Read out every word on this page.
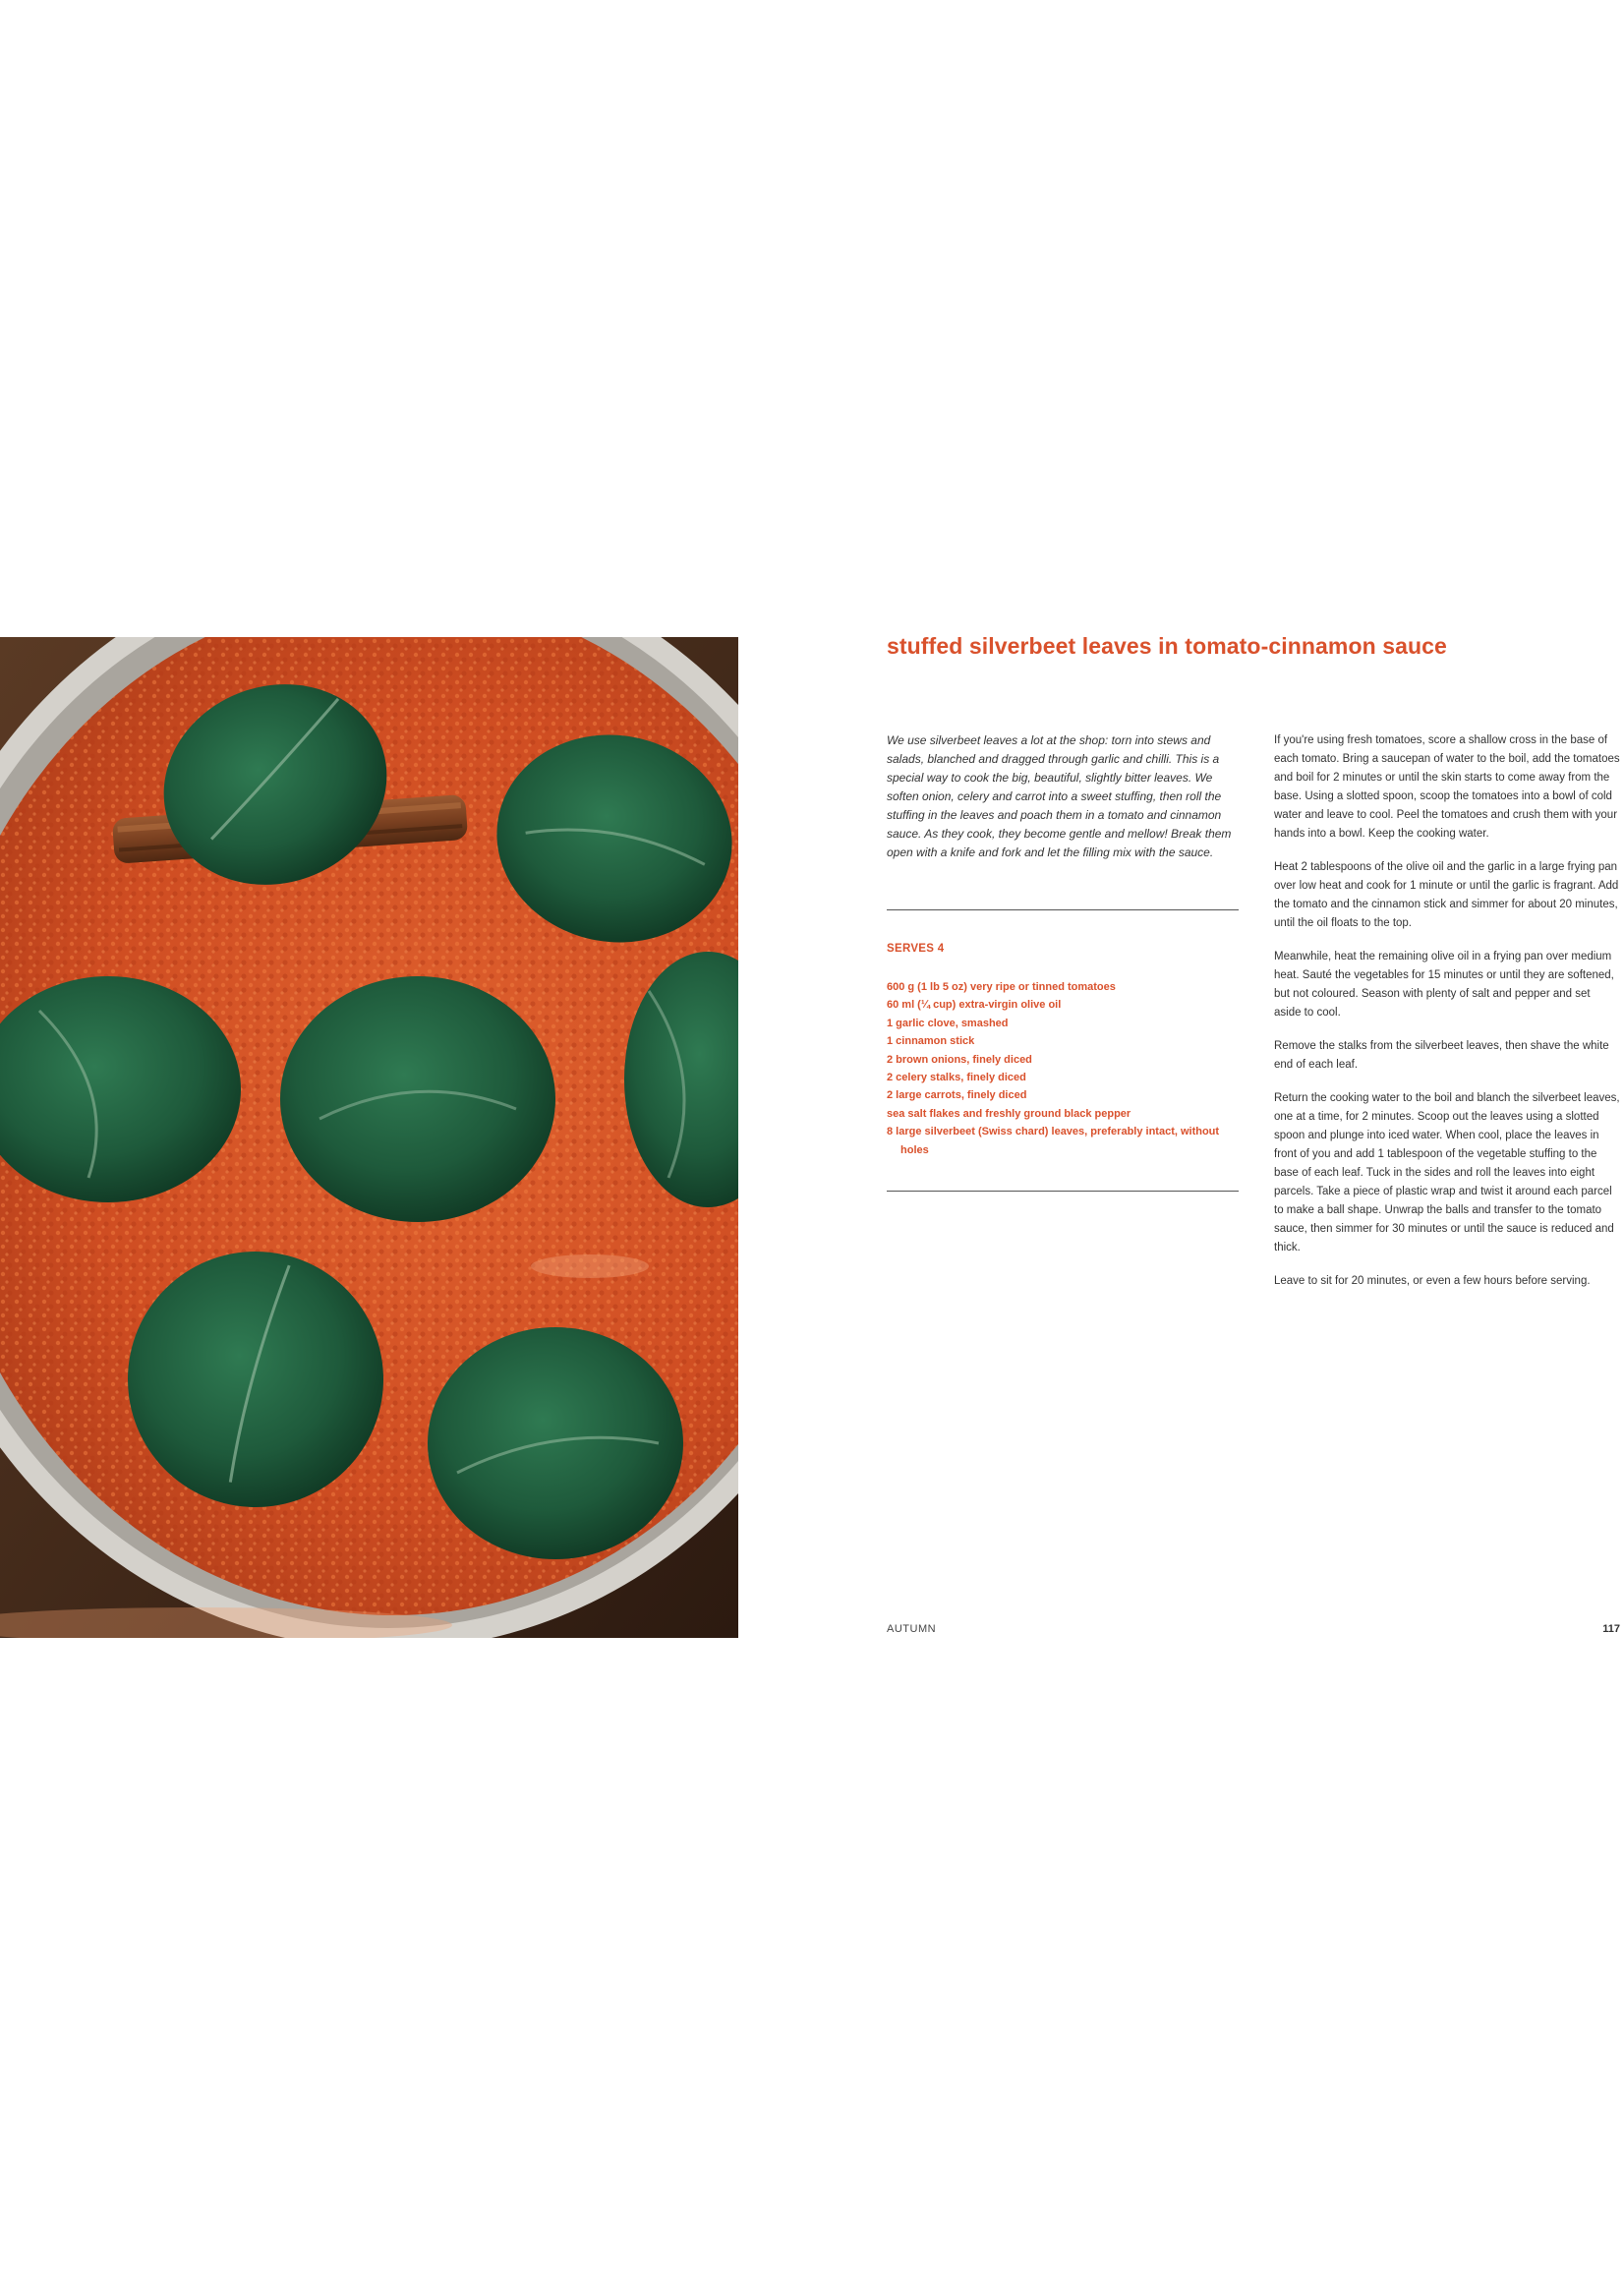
stuffed silverbeet leaves in tomato-cinnamon sauce

We use silverbeet leaves a lot at the shop: torn into stews and salads, blanched and dragged through garlic and chilli. This is a special way to cook the big, beautiful, slightly bitter leaves. We soften onion, celery and carrot into a sweet stuffing, then roll the stuffing in the leaves and poach them in a tomato and cinnamon sauce. As they cook, they become gentle and mellow! Break them open with a knife and fork and let the filling mix with the sauce.

SERVES 4

600 g (1 lb 5 oz) very ripe or tinned tomatoes
60 ml (¼ cup) extra-virgin olive oil
1 garlic clove, smashed
1 cinnamon stick
2 brown onions, finely diced
2 celery stalks, finely diced
2 large carrots, finely diced
sea salt flakes and freshly ground black pepper
8 large silverbeet (Swiss chard) leaves, preferably intact, without holes

If you're using fresh tomatoes, score a shallow cross in the base of each tomato. Bring a saucepan of water to the boil, add the tomatoes and boil for 2 minutes or until the skin starts to come away from the base. Using a slotted spoon, scoop the tomatoes into a bowl of cold water and leave to cool. Peel the tomatoes and crush them with your hands into a bowl. Keep the cooking water.

Heat 2 tablespoons of the olive oil and the garlic in a large frying pan over low heat and cook for 1 minute or until the garlic is fragrant. Add the tomato and the cinnamon stick and simmer for about 20 minutes, until the oil floats to the top.

Meanwhile, heat the remaining olive oil in a frying pan over medium heat. Sauté the vegetables for 15 minutes or until they are softened, but not coloured. Season with plenty of salt and pepper and set aside to cool.

Remove the stalks from the silverbeet leaves, then shave the white end of each leaf.

Return the cooking water to the boil and blanch the silverbeet leaves, one at a time, for 2 minutes. Scoop out the leaves using a slotted spoon and plunge into iced water. When cool, place the leaves in front of you and add 1 tablespoon of the vegetable stuffing to the base of each leaf. Tuck in the sides and roll the leaves into eight parcels. Take a piece of plastic wrap and twist it around each parcel to make a ball shape. Unwrap the balls and transfer to the tomato sauce, then simmer for 30 minutes or until the sauce is reduced and thick.

Leave to sit for 20 minutes, or even a few hours before serving.

AUTUMN	117
